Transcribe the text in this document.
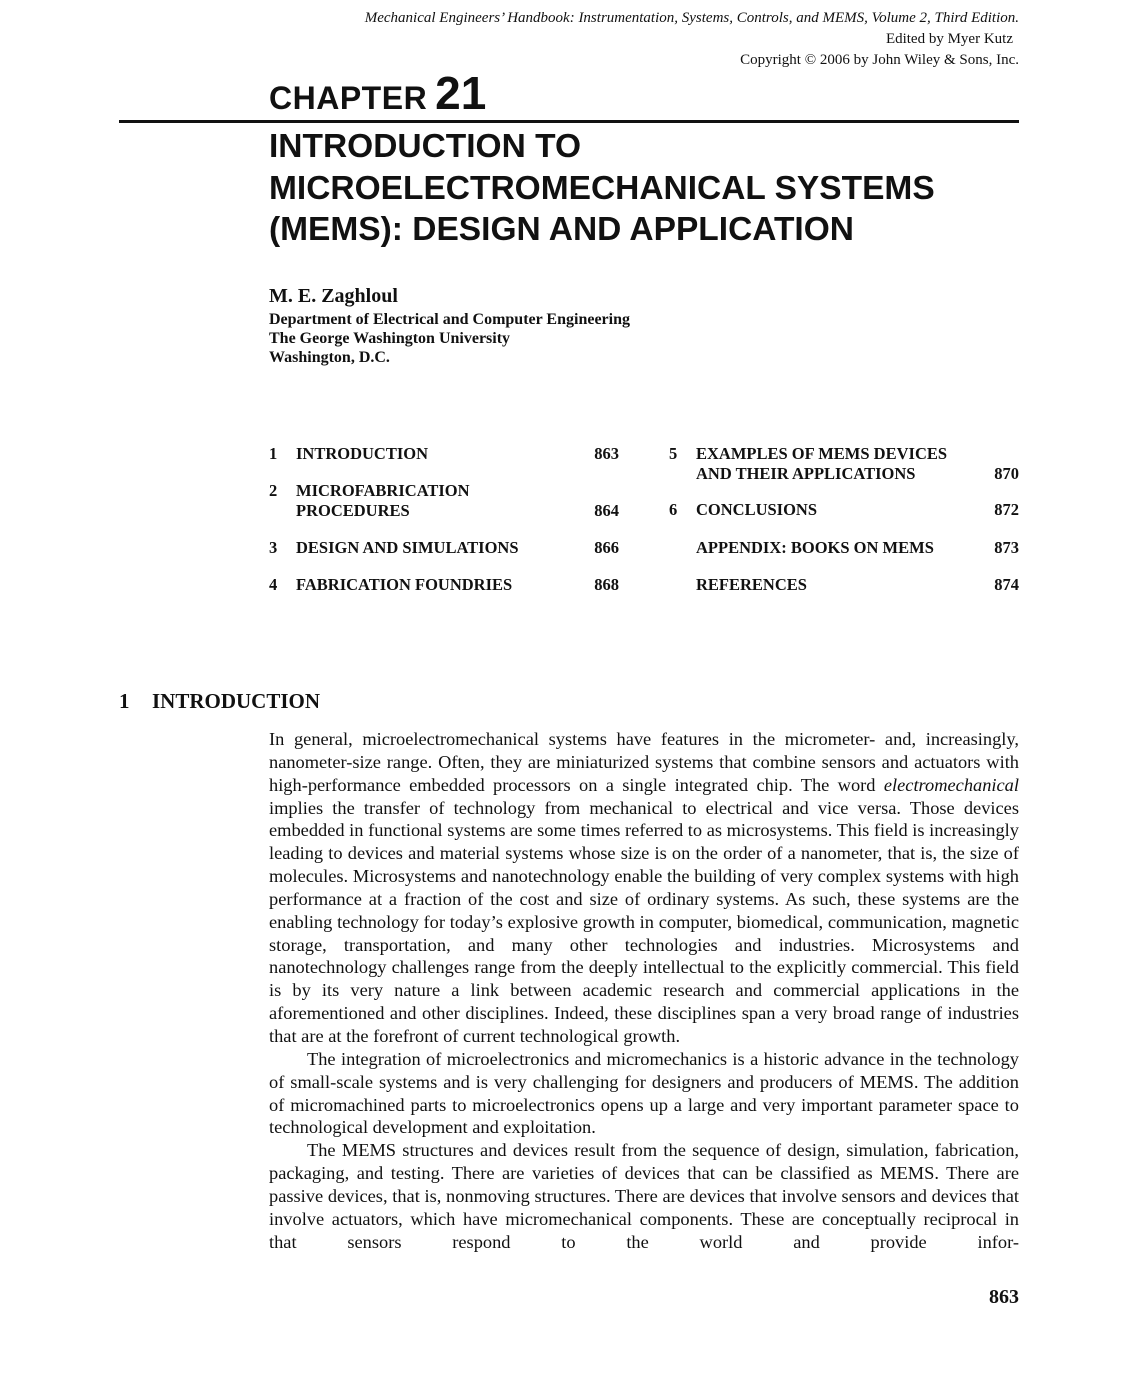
Mechanical Engineers’ Handbook: Instrumentation, Systems, Controls, and MEMS, Volume 2, Third Edition.
Edited by Myer Kutz
Copyright © 2006 by John Wiley & Sons, Inc.
CHAPTER 21
INTRODUCTION TO
MICROELECTROMECHANICAL SYSTEMS
(MEMS): DESIGN AND APPLICATION
M. E. Zaghloul
Department of Electrical and Computer Engineering
The George Washington University
Washington, D.C.
1 INTRODUCTION	863
2 MICROFABRICATION
PROCEDURES	864
3 DESIGN AND SIMULATIONS	866
4 FABRICATION FOUNDRIES	868
5 EXAMPLES OF MEMS DEVICES
AND THEIR APPLICATIONS	870
6 CONCLUSIONS	872
APPENDIX: BOOKS ON MEMS	873
REFERENCES	874
1 INTRODUCTION

In general, microelectromechanical systems have features in the micrometer- and, increasingly, nanometer-size range. Often, they are miniaturized systems that combine sensors and actuators with high-performance embedded processors on a single integrated chip. The word electromechanical implies the transfer of technology from mechanical to electrical and vice versa. Those devices embedded in functional systems are some times referred to as microsystems. This field is increasingly leading to devices and material systems whose size is on the order of a nanometer, that is, the size of molecules. Microsystems and nanotechnology enable the building of very complex systems with high performance at a fraction of the cost and size of ordinary systems. As such, these systems are the enabling technology for today’s explosive growth in computer, biomedical, communication, magnetic storage, transportation, and many other technologies and industries. Microsystems and nanotechnology challenges range from the deeply intellectual to the explicitly commercial. This field is by its very nature a link between academic research and commercial applications in the aforementioned and other disciplines. Indeed, these disciplines span a very broad range of industries that are at the forefront of current technological growth.

The integration of microelectronics and micromechanics is a historic advance in the technology of small-scale systems and is very challenging for designers and producers of MEMS. The addition of micromachined parts to microelectronics opens up a large and very important parameter space to technological development and exploitation.

The MEMS structures and devices result from the sequence of design, simulation, fabrication, packaging, and testing. There are varieties of devices that can be classified as MEMS. There are passive devices, that is, nonmoving structures. There are devices that involve sensors and devices that involve actuators, which have micromechanical components. These are conceptually reciprocal in that sensors respond to the world and provide infor-

863
